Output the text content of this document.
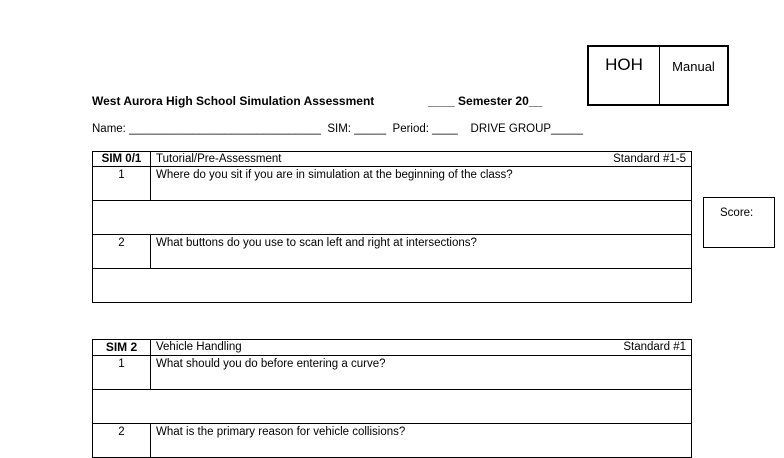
HOH	Manual
West Aurora High School Simulation Assessment	____ Semester 20__
Name: ______________________________  SIM: _____  Period: ____    DRIVE GROUP_____
Score:
SIM 0/1	Tutorial/Pre-Assessment Standard #1-5

1	Where do you sit if you are in simulation at the beginning of the class?

2	What buttons do you use to scan left and right at intersections?

SIM 2	Vehicle Handling Standard #1

1	What should you do before entering a curve?

2	What is the primary reason for vehicle collisions?
